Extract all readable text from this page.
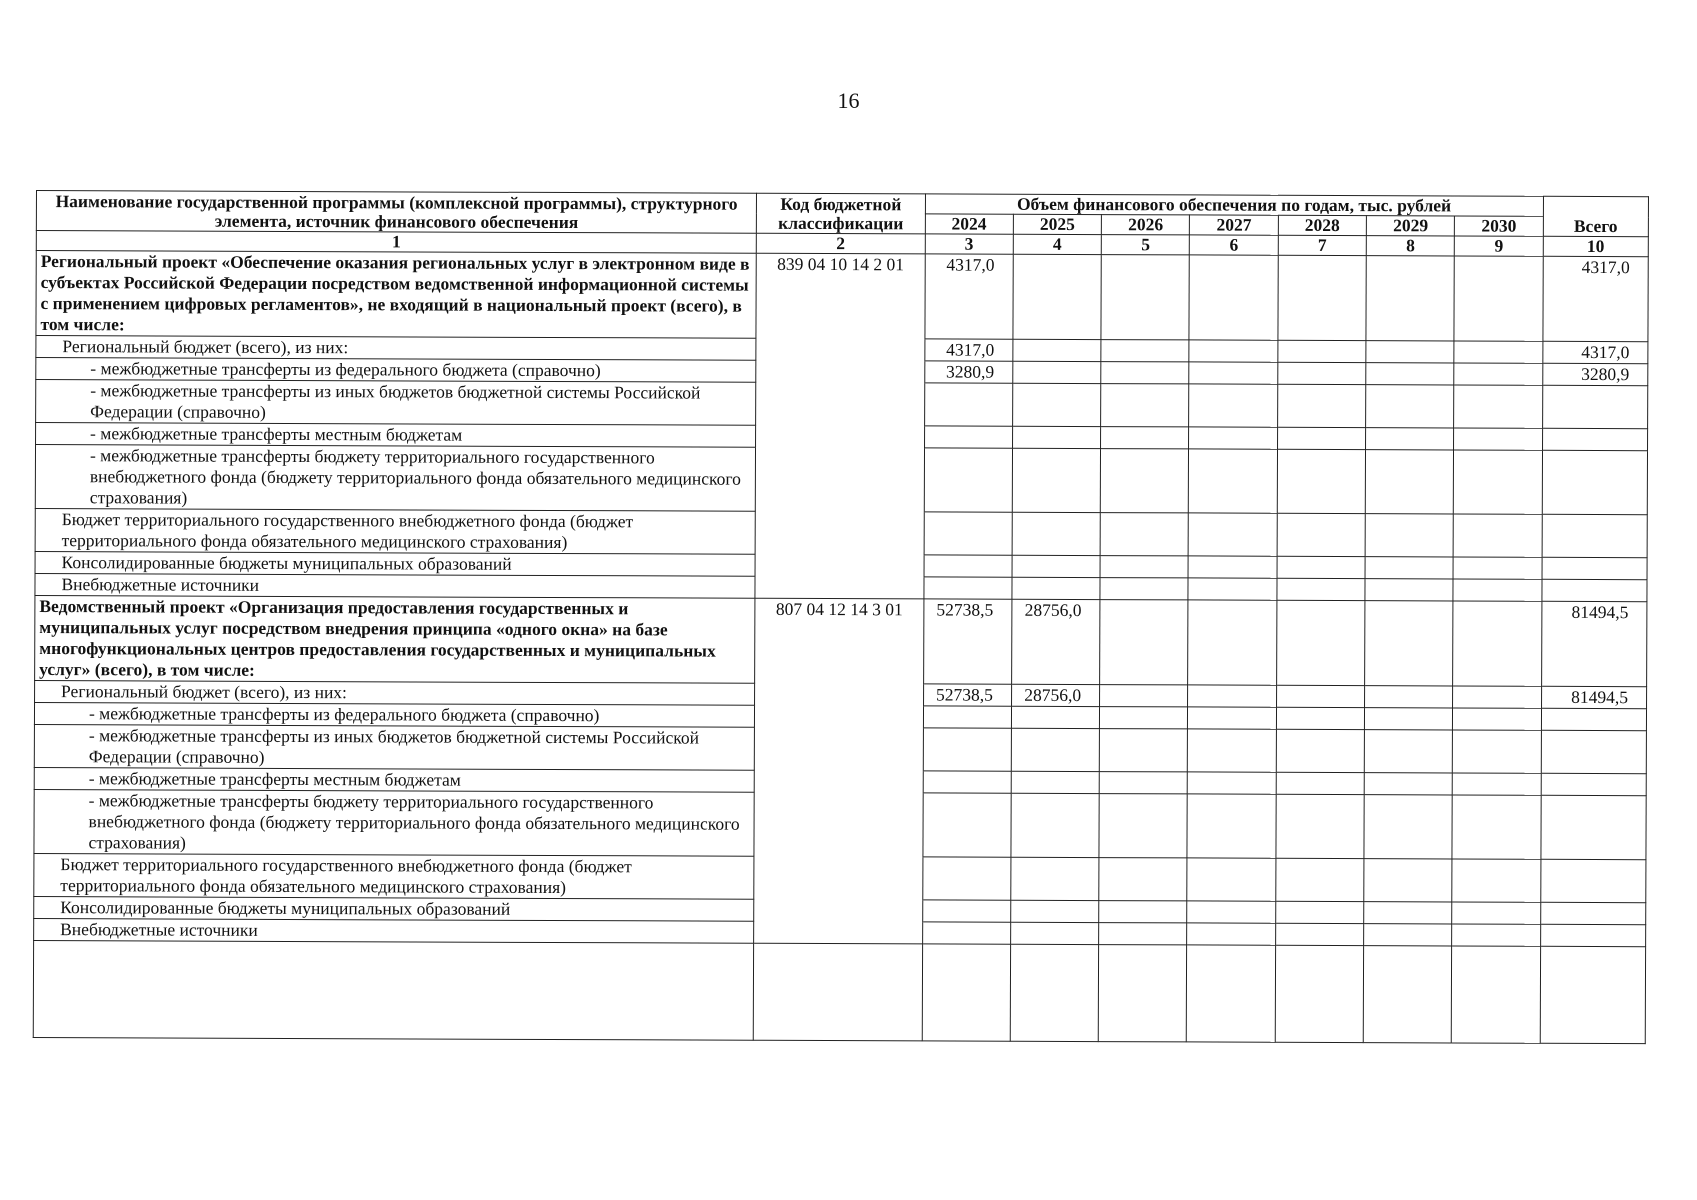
16
Наименование государственной программы (комплексной программы), структурного элемента, источник финансового обеспечения	Код бюджетной классификации	Объем финансового обеспечения по годам, тыс. рублей							Всего
		2024	2025	2026	2027	2028	2029	2030	
1	2	3	4	5	6	7	8	9	10
Региональный проект «Обеспечение оказания региональных услуг в электронном виде в субъектах Российской Федерации посредством ведомственной информационной системы с применением цифровых регламентов», не входящий в национальный проект (всего), в том числе:	839 04 10 14 2 01	4317,0							4317,0
Региональный бюджет (всего), из них:		4317,0							4317,0
- межбюджетные трансферты из федерального бюджета (справочно)		3280,9							3280,9
- межбюджетные трансферты из иных бюджетов бюджетной системы Российской Федерации (справочно)									
- межбюджетные трансферты местным бюджетам									
- межбюджетные трансферты бюджету территориального государственного внебюджетного фонда (бюджету территориального фонда обязательного медицинского страхования)									
Бюджет территориального государственного внебюджетного фонда (бюджет территориального фонда обязательного медицинского страхования)									
Консолидированные бюджеты муниципальных образований									
Внебюджетные источники									
Ведомственный проект «Организация предоставления государственных и муниципальных услуг посредством внедрения принципа «одного окна» на базе многофункциональных центров предоставления государственных и муниципальных услуг» (всего), в том числе:	807 04 12 14 3 01	52738,5	28756,0						81494,5
Региональный бюджет (всего), из них:		52738,5	28756,0						81494,5
- межбюджетные трансферты из федерального бюджета (справочно)									
- межбюджетные трансферты из иных бюджетов бюджетной системы Российской Федерации (справочно)									
- межбюджетные трансферты местным бюджетам									
- межбюджетные трансферты бюджету территориального государственного внебюджетного фонда (бюджету территориального фонда обязательного медицинского страхования)									
Бюджет территориального государственного внебюджетного фонда (бюджет территориального фонда обязательного медицинского страхования)									
Консолидированные бюджеты муниципальных образований									
Внебюджетные источники									
